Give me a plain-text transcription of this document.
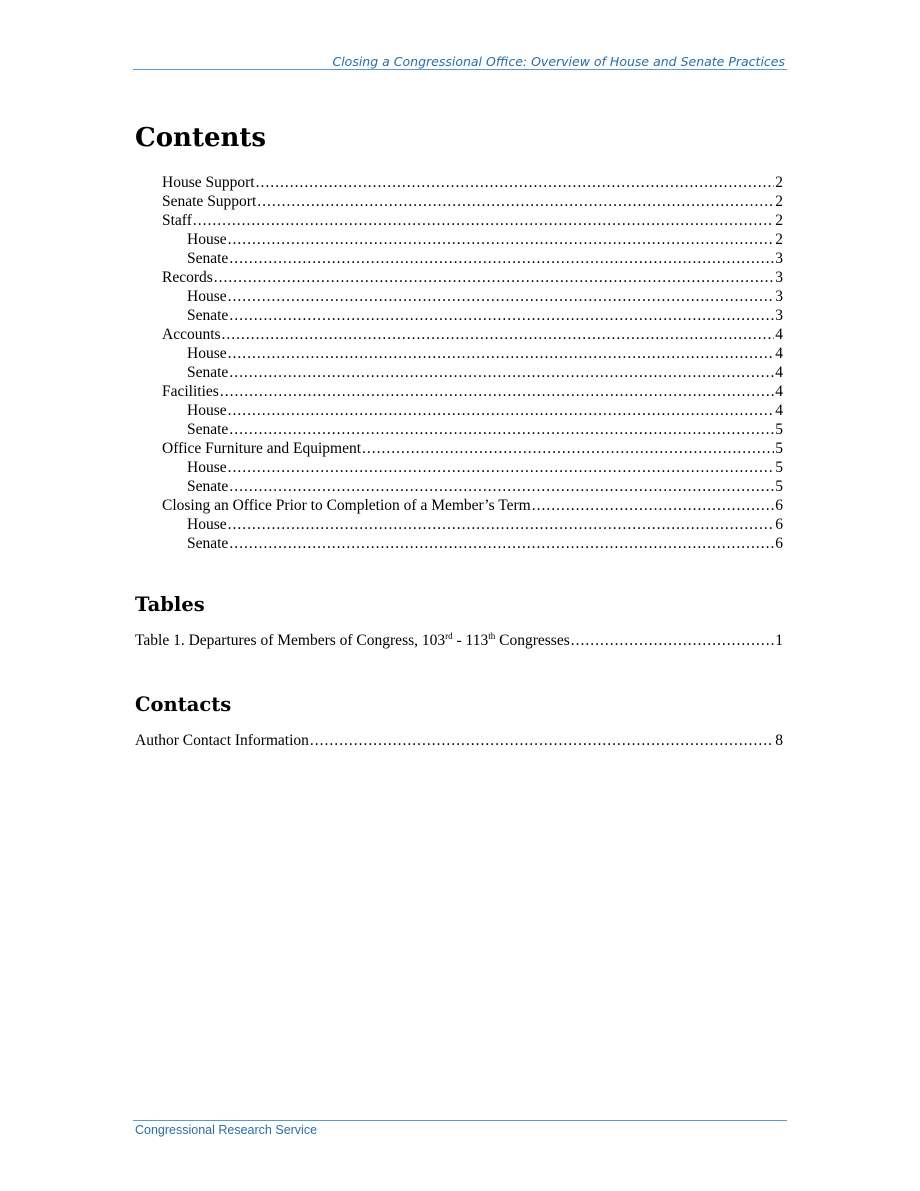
Closing a Congressional Office: Overview of House and Senate Practices
Contents
House Support .....	2
Senate Support .....	2
Staff .....	2
House .....	2
Senate .....	3
Records .....	3
House .....	3
Senate .....	3
Accounts .....	4
House .....	4
Senate .....	4
Facilities .....	4
House .....	4
Senate .....	5
Office Furniture and Equipment .....	5
House .....	5
Senate .....	5
Closing an Office Prior to Completion of a Member’s Term .....	6
House .....	6
Senate .....	6
Tables
Table 1. Departures of Members of Congress, 103rd - 113th Congresses .....	1
Contacts
Author Contact Information .....	8
Congressional Research Service
